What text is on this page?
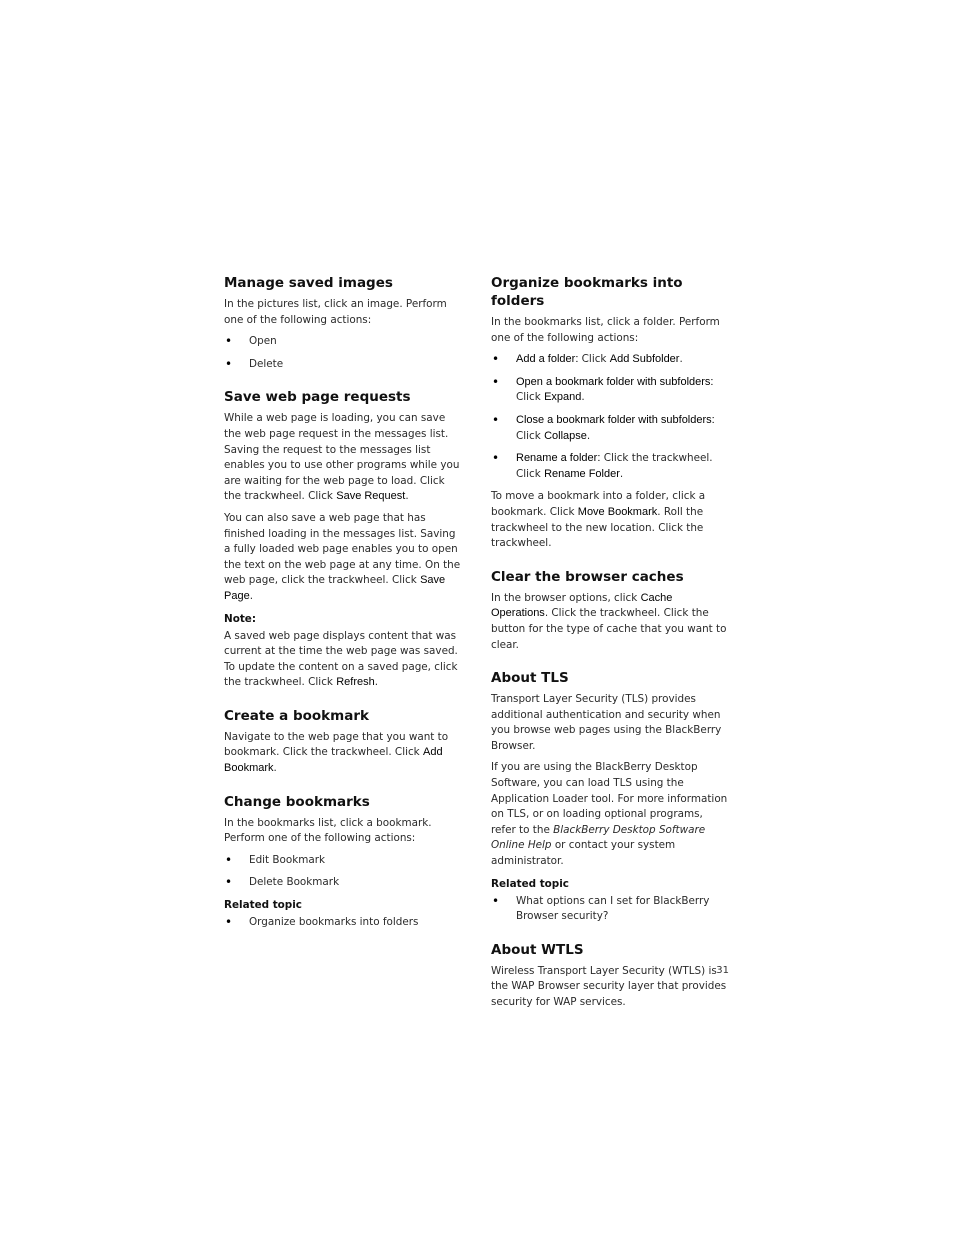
Manage saved images

In the pictures list, click an image. Perform one of the following actions:

• Open
• Delete
Save web page requests

While a web page is loading, you can save the web page request in the messages list. Saving the request to the messages list enables you to use other programs while you are waiting for the web page to load. Click the trackwheel. Click Save Request.

You can also save a web page that has finished loading in the messages list. Saving a fully loaded web page enables you to open the text on the web page at any time. On the web page, click the trackwheel. Click Save Page.

Note:

A saved web page displays content that was current at the time the web page was saved. To update the content on a saved page, click the trackwheel. Click Refresh.

Create a bookmark

Navigate to the web page that you want to bookmark. Click the trackwheel. Click Add Bookmark.

Change bookmarks

In the bookmarks list, click a bookmark. Perform one of the following actions:

• Edit Bookmark
• Delete Bookmark
Related topic
• Organize bookmarks into folders
Organize bookmarks into folders

In the bookmarks list, click a folder. Perform one of the following actions:

• Add a folder: Click Add Subfolder.
• Open a bookmark folder with subfolders: Click Expand.
• Close a bookmark folder with subfolders: Click Collapse.
• Rename a folder: Click the trackwheel. Click Rename Folder.

To move a bookmark into a folder, click a bookmark. Click Move Bookmark. Roll the trackwheel to the new location. Click the trackwheel.

Clear the browser caches

In the browser options, click Cache Operations. Click the trackwheel. Click the button for the type of cache that you want to clear.

About TLS

Transport Layer Security (TLS) provides additional authentication and security when you browse web pages using the BlackBerry Browser.

If you are using the BlackBerry Desktop Software, you can load TLS using the Application Loader tool. For more information on TLS, or on loading optional programs, refer to the BlackBerry Desktop Software Online Help or contact your system administrator.

Related topic
• What options can I set for BlackBerry Browser security?
About WTLS

Wireless Transport Layer Security (WTLS) is the WAP Browser security layer that provides security for WAP services.

31
